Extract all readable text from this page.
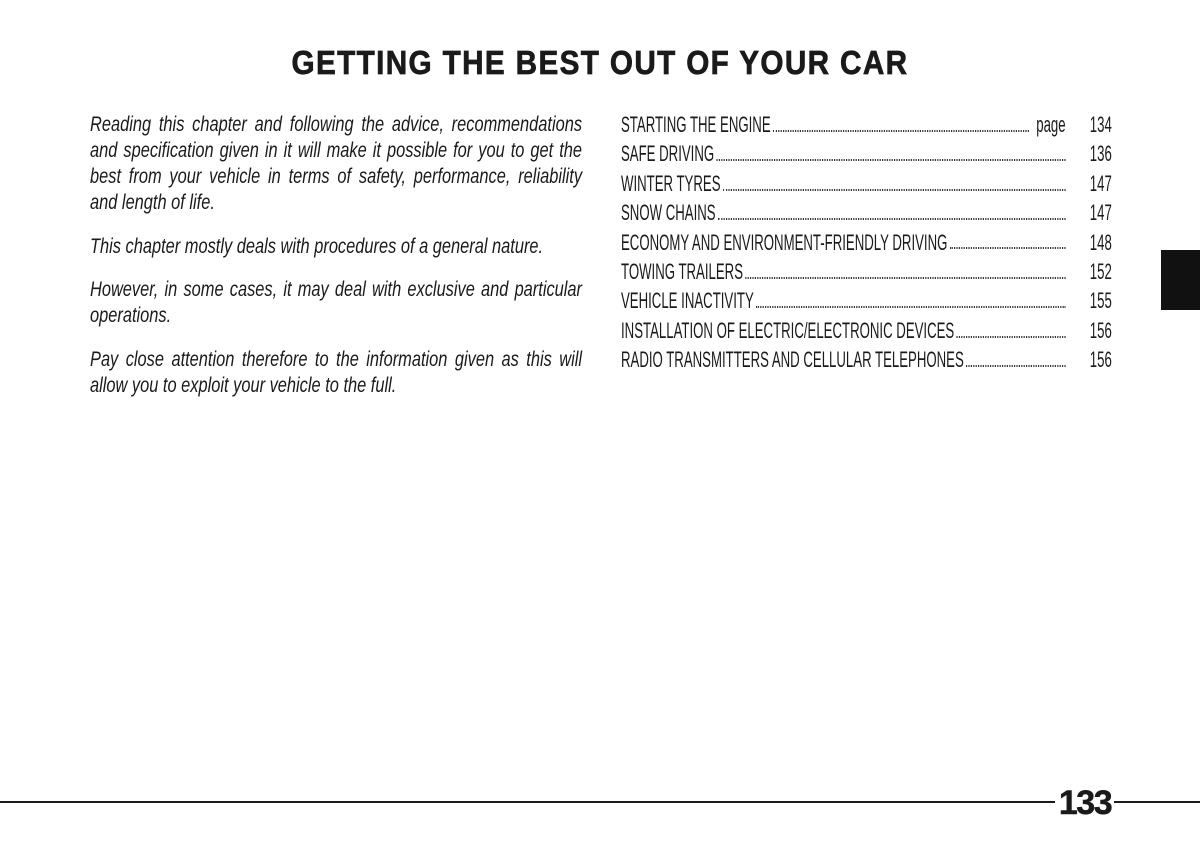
GETTING THE BEST OUT OF YOUR CAR
Reading this chapter and following the advice, recommendations
and specification given in it will make it possible for you to get the
best from your vehicle in terms of safety, performance, reliability
and length of life.
This chapter mostly deals with procedures of a general nature.
However, in some cases, it may deal with exclusive and particular
operations.
Pay close attention therefore to the information given as this will
allow you to exploit your vehicle to the full.
STARTING THE ENGINE	page	134
SAFE DRIVING	136
WINTER TYRES	147
SNOW CHAINS	147
ECONOMY AND ENVIRONMENT-FRIENDLY DRIVING	148
TOWING TRAILERS	152
VEHICLE INACTIVITY	155
INSTALLATION OF ELECTRIC/ELECTRONIC DEVICES	156
RADIO TRANSMITTERS AND CELLULAR TELEPHONES	156
133
